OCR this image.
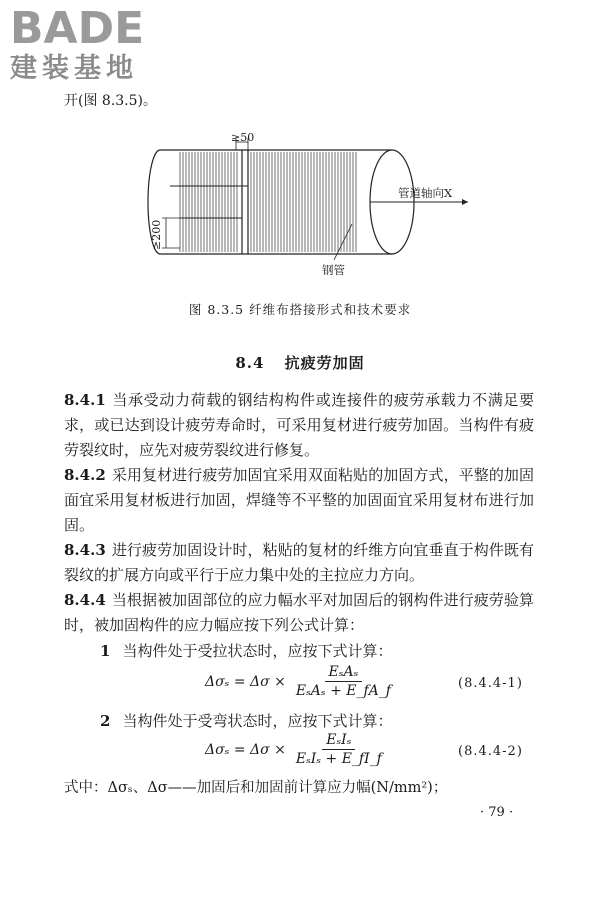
BADE
建装基地
开(图 8.3.5)。
≥50
≥200
管道轴向X
钢管
图 8.3.5 纤维布搭接形式和技术要求
8.4 抗疲劳加固
8.4.1 当承受动力荷载的钢结构构件或连接件的疲劳承载力不满足要求，或已达到设计疲劳寿命时，可采用复材进行疲劳加固。当构件有疲劳裂纹时，应先对疲劳裂纹进行修复。
8.4.2 采用复材进行疲劳加固宜采用双面粘贴的加固方式，平整的加固面宜采用复材板进行加固，焊缝等不平整的加固面宜采用复材布进行加固。
8.4.3 进行疲劳加固设计时，粘贴的复材的纤维方向宜垂直于构件既有裂纹的扩展方向或平行于应力集中处的主拉应力方向。
8.4.4 当根据被加固部位的应力幅水平对加固后的钢构件进行疲劳验算时，被加固构件的应力幅应按下列公式计算：
1 当构件处于受拉状态时，应按下式计算：
$\Delta\sigma_s = \Delta\sigma \times \frac{\text{EₛAₛ}}{\text{EₛAₛ + E\_fA\_f}}$	(8.4.4-1)
2 当构件处于受弯状态时，应按下式计算：
$\Delta\sigma_s = \Delta\sigma \times \frac{\text{EₛIₛ}}{\text{EₛIₛ + E\_fI\_f}}$	(8.4.4-2)
式中：Δσₛ、Δσ——加固后和加固前计算应力幅(N/mm²)；
· 79 ·
